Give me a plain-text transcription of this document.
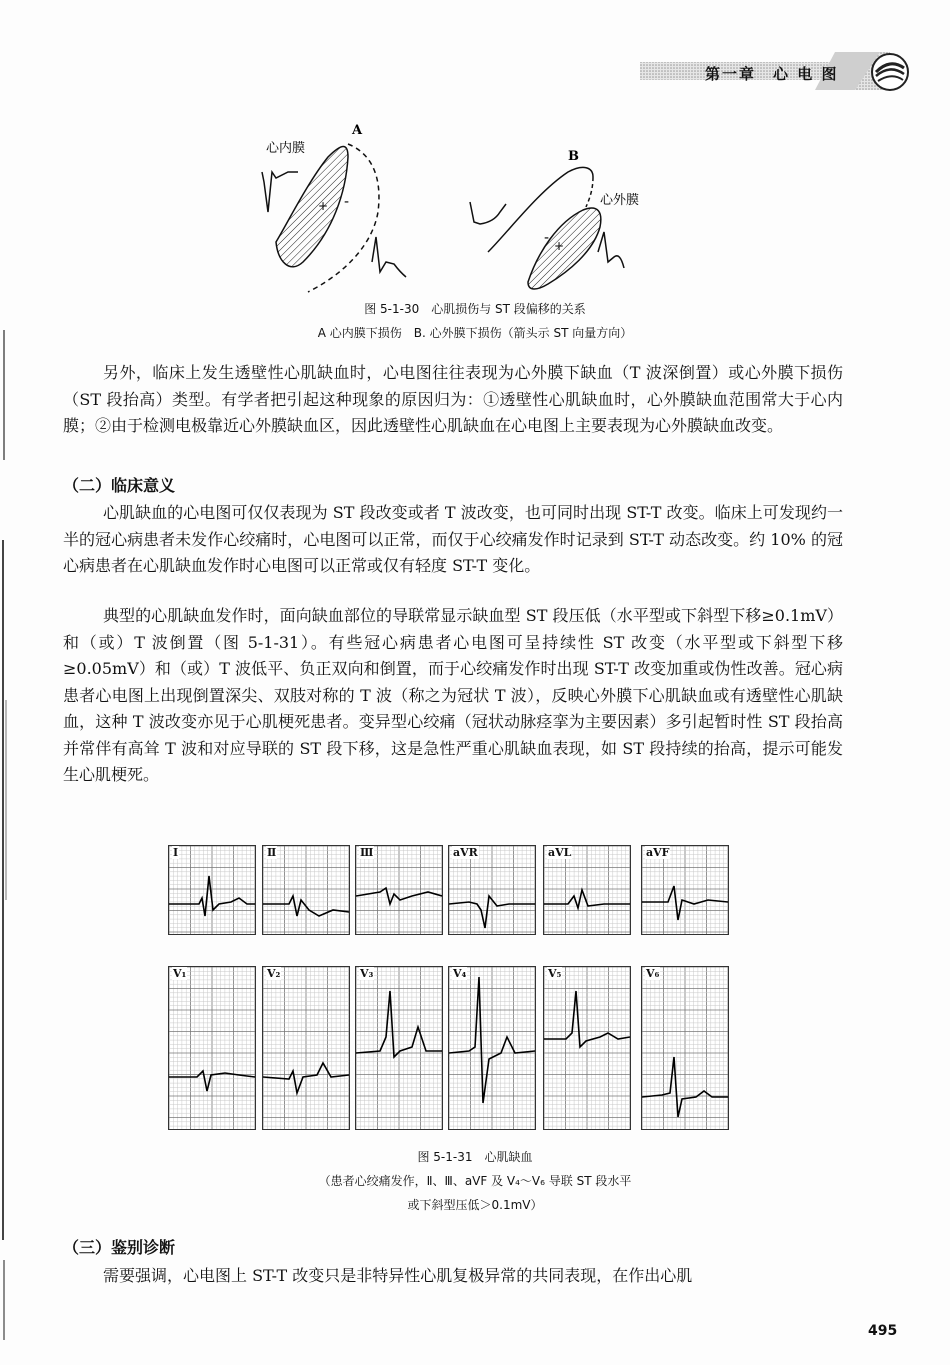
第一章　心 电 图
A
心内膜
+ -
B
心外膜
- +
图 5-1-30　心肌损伤与 ST 段偏移的关系
A 心内膜下损伤　B. 心外膜下损伤（箭头示 ST 向量方向）

另外，临床上发生透壁性心肌缺血时，心电图往往表现为心外膜下缺血（T 波深倒置）或心外膜下损伤（ST 段抬高）类型。有学者把引起这种现象的原因归为：①透壁性心肌缺血时，心外膜缺血范围常大于心内膜；②由于检测电极靠近心外膜缺血区，因此透壁性心肌缺血在心电图上主要表现为心外膜缺血改变。

（二）临床意义

心肌缺血的心电图可仅仅表现为 ST 段改变或者 T 波改变，也可同时出现 ST-T 改变。临床上可发现约一半的冠心病患者未发作心绞痛时，心电图可以正常，而仅于心绞痛发作时记录到 ST-T 动态改变。约 10% 的冠心病患者在心肌缺血发作时心电图可以正常或仅有轻度 ST-T 变化。

典型的心肌缺血发作时，面向缺血部位的导联常显示缺血型 ST 段压低（水平型或下斜型下移≥0.1mV）和（或）T 波倒置（图 5-1-31）。有些冠心病患者心电图可呈持续性 ST 改变（水平型或下斜型下移≥0.05mV）和（或）T 波低平、负正双向和倒置，而于心绞痛发作时出现 ST-T 改变加重或伪性改善。冠心病患者心电图上出现倒置深尖、双肢对称的 T 波（称之为冠状 T 波），反映心外膜下心肌缺血或有透壁性心肌缺血，这种 T 波改变亦见于心肌梗死患者。变异型心绞痛（冠状动脉痉挛为主要因素）多引起暂时性 ST 段抬高并常伴有高耸 T 波和对应导联的 ST 段下移，这是急性严重心肌缺血表现，如 ST 段持续的抬高，提示可能发生心肌梗死。

Ⅰ	Ⅱ	Ⅲ	aVR	aVL	aVF
V₁	V₂	V₃	V₄	V₅	V₆
图 5-1-31　心肌缺血
（患者心绞痛发作，Ⅱ、Ⅲ、aVF 及 V₄～V₆ 导联 ST 段水平
或下斜型压低＞0.1mV）
（三）鉴别诊断

需要强调，心电图上 ST-T 改变只是非特异性心肌复极异常的共同表现，在作出心肌

495
